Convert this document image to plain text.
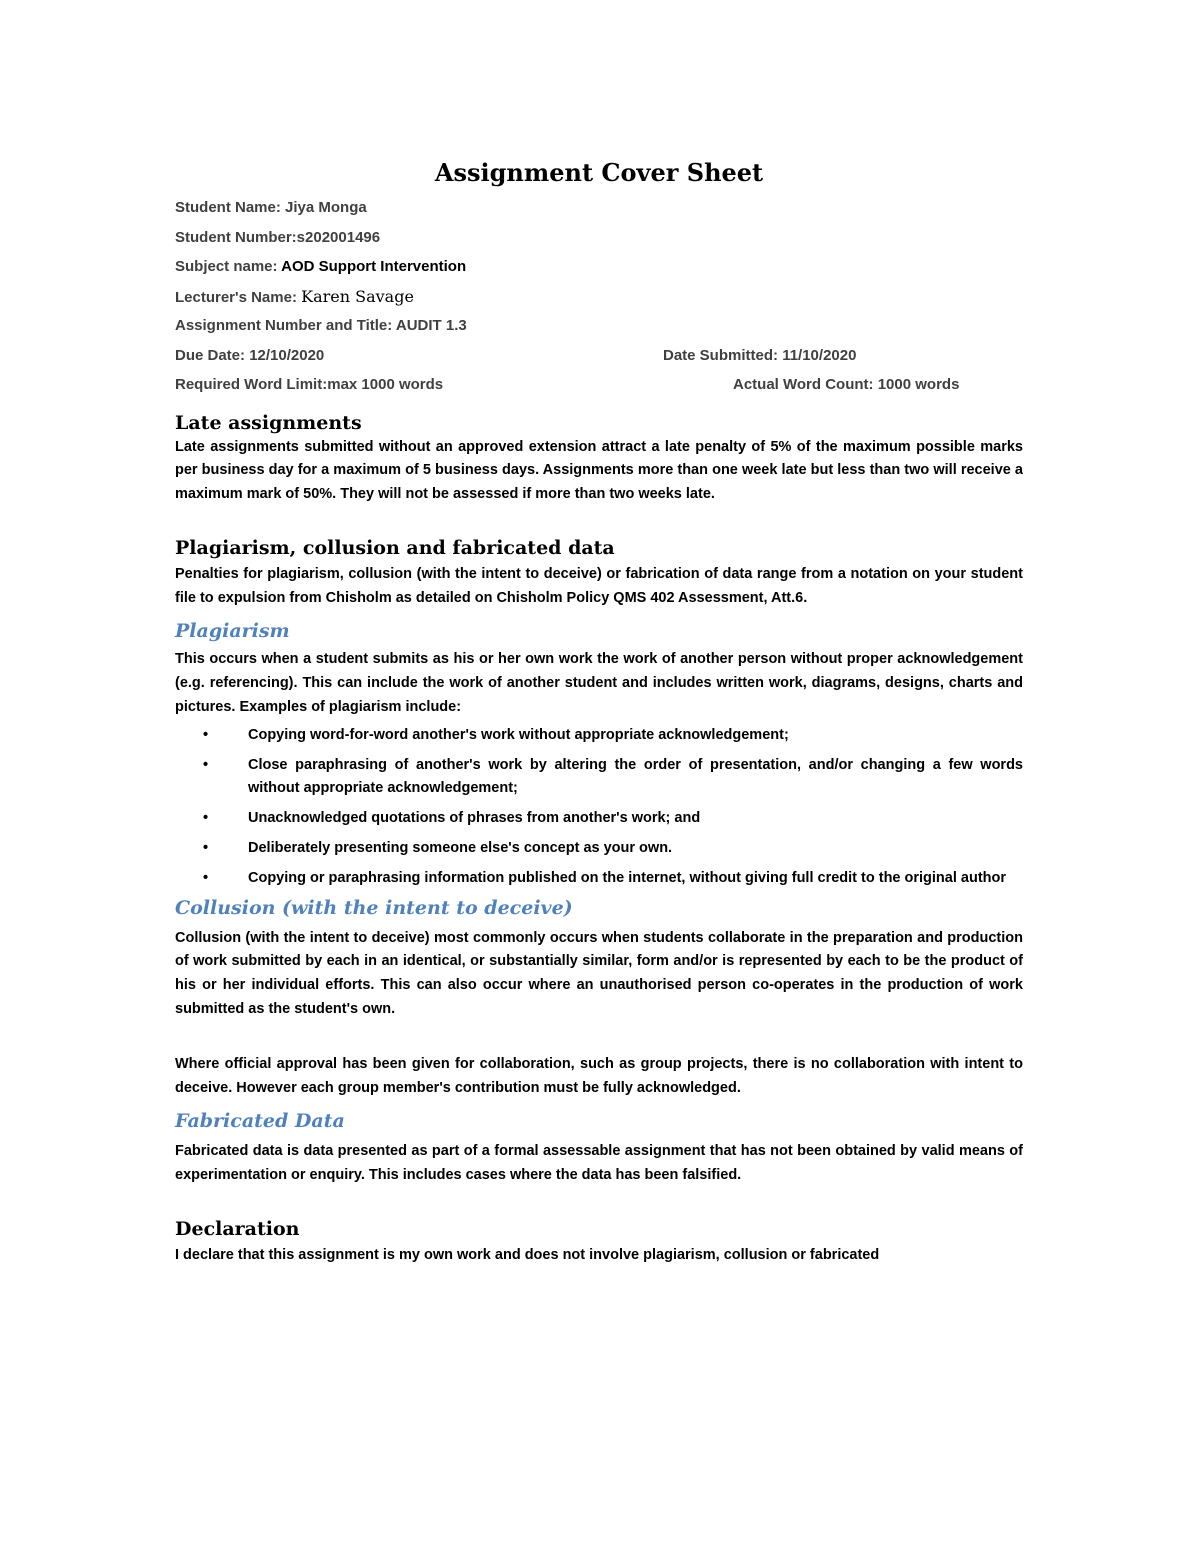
Assignment Cover Sheet
Student Name: Jiya Monga
Student Number:s202001496
Subject name: AOD Support Intervention
Lecturer's Name: Karen Savage
Assignment Number and Title: AUDIT 1.3
Due Date: 12/10/2020	Date Submitted: 11/10/2020
Required Word Limit:max 1000 words	Actual Word Count: 1000 words
Late assignments

Late assignments submitted without an approved extension attract a late penalty of 5% of the maximum possible marks per business day for a maximum of 5 business days. Assignments more than one week late but less than two will receive a maximum mark of 50%. They will not be assessed if more than two weeks late.

Plagiarism, collusion and fabricated data

Penalties for plagiarism, collusion (with the intent to deceive) or fabrication of data range from a notation on your student file to expulsion from Chisholm as detailed on Chisholm Policy QMS 402 Assessment, Att.6.

Plagiarism

This occurs when a student submits as his or her own work the work of another person without proper acknowledgement (e.g. referencing). This can include the work of another student and includes written work, diagrams, designs, charts and pictures. Examples of plagiarism include:

•	Copying word-for-word another's work without appropriate acknowledgement;
•	Close paraphrasing of another's work by altering the order of presentation, and/or changing a few words without appropriate acknowledgement;
•	Unacknowledged quotations of phrases from another's work; and
•	Deliberately presenting someone else's concept as your own.
•	Copying or paraphrasing information published on the internet, without giving full credit to the original author
Collusion (with the intent to deceive)

Collusion (with the intent to deceive) most commonly occurs when students collaborate in the preparation and production of work submitted by each in an identical, or substantially similar, form and/or is represented by each to be the product of his or her individual efforts. This can also occur where an unauthorised person co-operates in the production of work submitted as the student's own.

Where official approval has been given for collaboration, such as group projects, there is no collaboration with intent to deceive. However each group member's contribution must be fully acknowledged.

Fabricated Data

Fabricated data is data presented as part of a formal assessable assignment that has not been obtained by valid means of experimentation or enquiry. This includes cases where the data has been falsified.

Declaration

I declare that this assignment is my own work and does not involve plagiarism, collusion or fabricated
